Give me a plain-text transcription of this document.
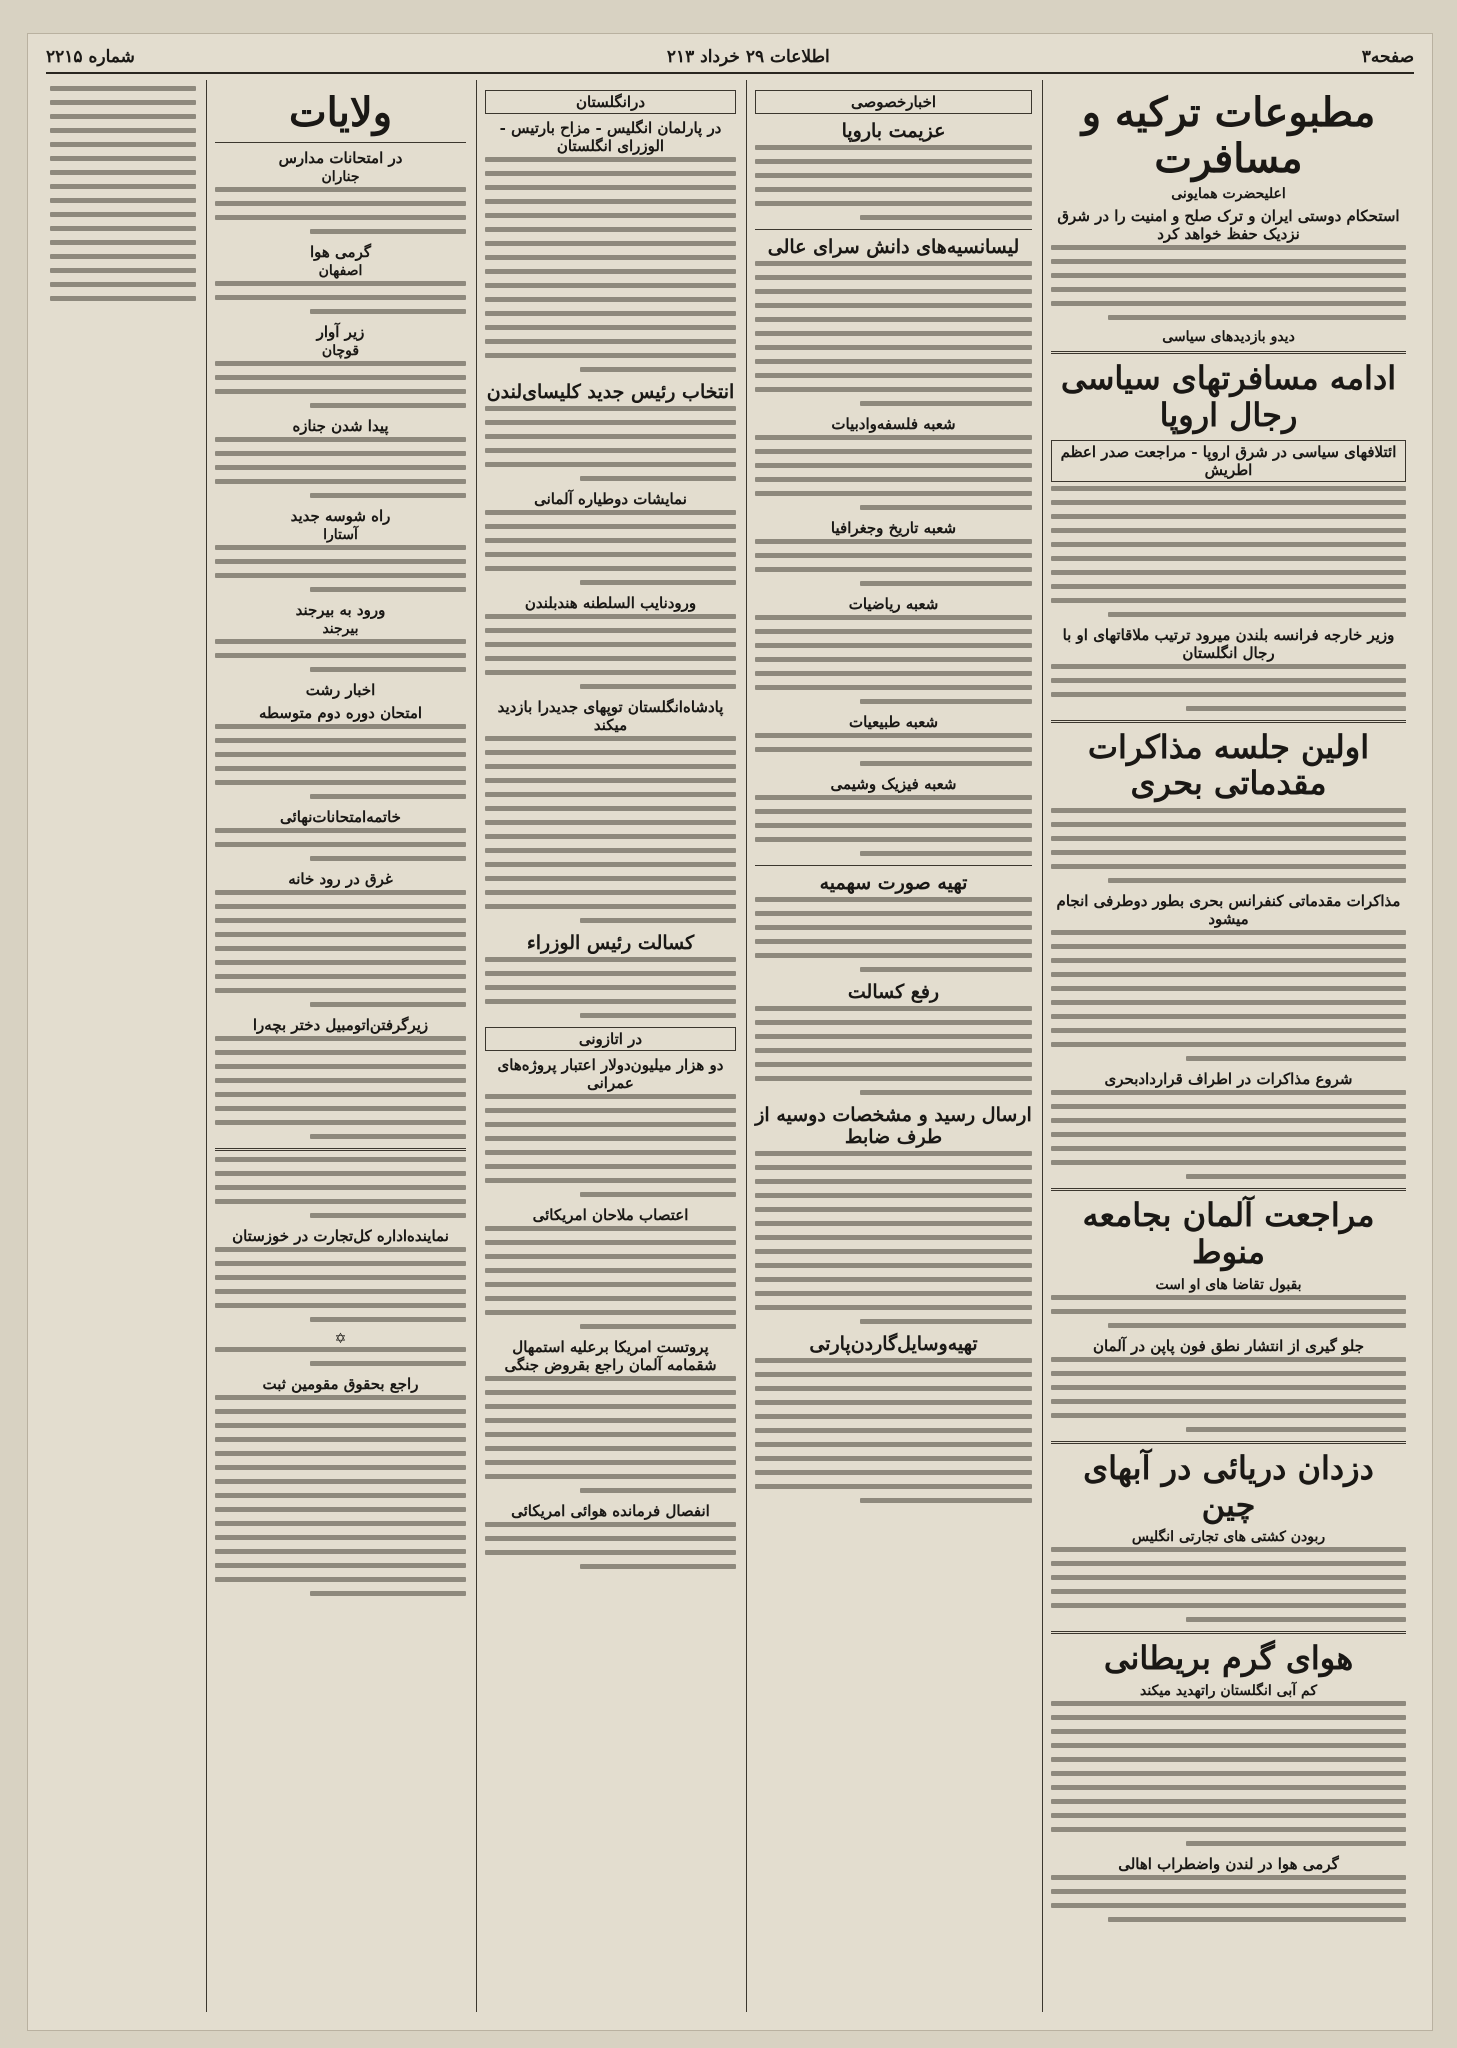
صفحه۳
اطلاعات ۲۹ خرداد ۲۱۳
شماره ۲۲۱۵
مطبوعات ترکیه و مسافرت
اعلیحضرت همایونی
استحکام دوستی ایران و ترک صلح و امنیت را در شرق نزدیک حفظ خواهد کرد
دیدو بازدیدهای سیاسی
ادامه مسافرتهای سیاسی رجال اروپا
ائتلافهای سیاسی در شرق اروپا - مراجعت صدر اعظم اطریش
وزیر خارجه فرانسه بلندن میرود ترتیب ملاقاتهای او با رجال انگلستان
اولین جلسه مذاکرات مقدماتی بحری
مذاکرات مقدماتی کنفرانس بحری بطور دوطرفی انجام میشود
شروع مذاکرات در اطراف قراردادبحری
مراجعت آلمان بجامعه منوط
بقبول تقاضا های او است
جلو گیری از انتشار نطق فون پاپن در آلمان
دزدان دریائی در آبهای چین
ربودن کشتی های تجارتی انگلیس
هوای گرم بریطانی
کم آبی انگلستان راتهدید میکند
گرمی هوا در لندن واضطراب اهالی
اخبارخصوصی
عزیمت باروپا
لیسانسیه‌های دانش سرای عالی
شعبه فلسفه‌وادبیات
شعبه تاریخ وجغرافیا
شعبه ریاضیات
شعبه طبیعیات
شعبه فیزیک وشیمی
تهیه صورت سهمیه
رفع کسالت
ارسال رسید و مشخصات دوسیه از طرف ضابط
تهیه‌وسایل‌گاردن‌پارتی
درانگلستان
در پارلمان انگلیس - مزاح بارتیس - الوزرای انگلستان
انتخاب رئیس جدید کلیسای‌لندن
نمایشات دوطیاره آلمانی
ورودنایب السلطنه هندبلندن
پادشاه‌انگلستان توپهای جدیدرا بازدید میکند
کسالت رئیس الوزراء
در اتازونی
دو هزار میلیون‌دولار اعتبار پروژه‌های عمرانی
اعتصاب ملاحان امریکائی
پروتست امریکا برعلیه استمهال شقمامه آلمان راجع بقروض جنگی
انفصال فرمانده هوائی امریکائی
ولایات
در امتحانات مدارس
جناران
گرمی هوا
اصفهان
زیر آوار
قوچان
پیدا شدن جنازه
راه شوسه جدید
آستارا
ورود به بیرجند
بیرجند
اخبار رشت
امتحان دوره دوم متوسطه
خاتمه‌امتحانات‌نهائی
غرق در رود خانه
زیرگرفتن‌اتومبیل دختر بچه‌را
نماینده‌اداره کل‌تجارت در خوزستان
✡
راجع بحقوق مقومین ثبت
